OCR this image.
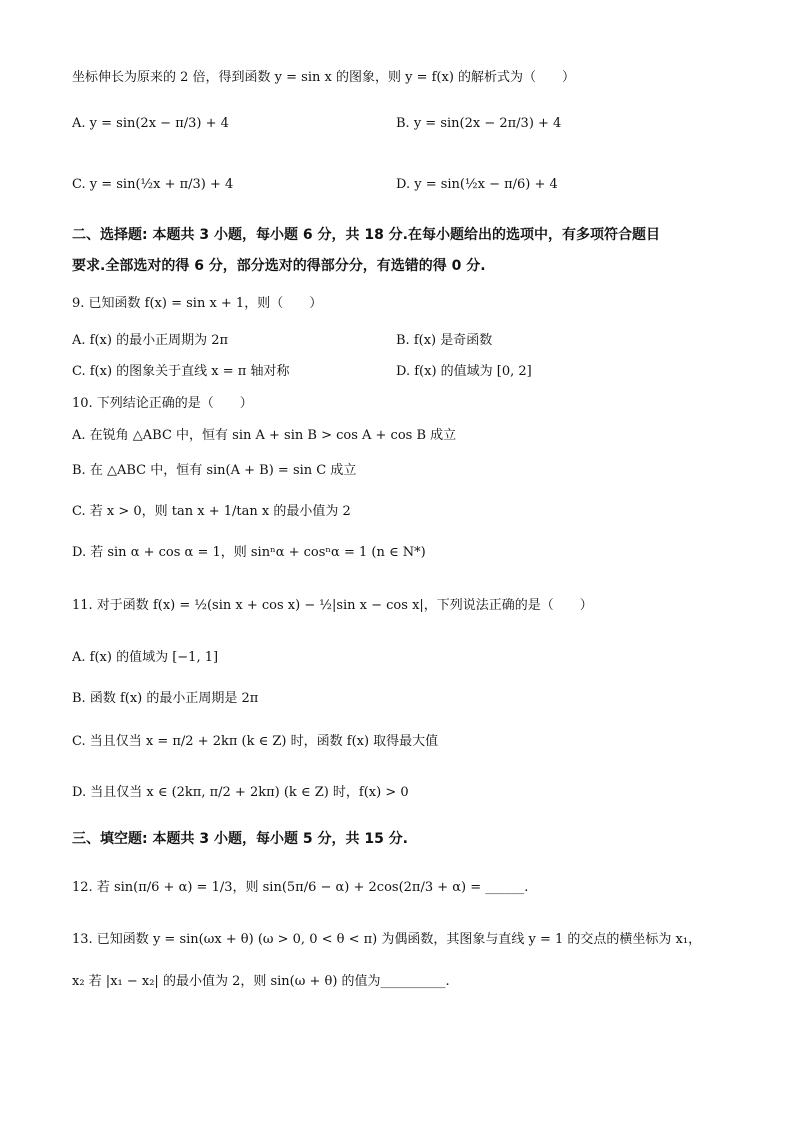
坐标伸长为原来的 2 倍，得到函数 y = sin x 的图象，则 y = f(x) 的解析式为（　　）
A. y = sin(2x − π/3) + 4	B. y = sin(2x − 2π/3) + 4
C. y = sin(½x + π/3) + 4	D. y = sin(½x − π/6) + 4
二、选择题: 本题共 3 小题，每小题 6 分，共 18 分.在每小题给出的选项中，有多项符合题目
要求.全部选对的得 6 分，部分选对的得部分分，有选错的得 0 分.
9. 已知函数 f(x) = sin x + 1，则（　　）
A. f(x) 的最小正周期为 2π	B. f(x) 是奇函数
C. f(x) 的图象关于直线 x = π 轴对称	D. f(x) 的值域为 [0, 2]
10. 下列结论正确的是（　　）
A. 在锐角 △ABC 中，恒有 sin A + sin B > cos A + cos B 成立
B. 在 △ABC 中，恒有 sin(A + B) = sin C 成立
C. 若 x > 0，则 tan x + 1/tan x 的最小值为 2
D. 若 sin α + cos α = 1，则 sinⁿα + cosⁿα = 1 (n ∈ N*)
11. 对于函数 f(x) = ½(sin x + cos x) − ½|sin x − cos x|，下列说法正确的是（　　）
A. f(x) 的值域为 [−1, 1]
B. 函数 f(x) 的最小正周期是 2π
C. 当且仅当 x = π/2 + 2kπ (k ∈ Z) 时，函数 f(x) 取得最大值
D. 当且仅当 x ∈ (2kπ, π/2 + 2kπ) (k ∈ Z) 时，f(x) > 0
三、填空题: 本题共 3 小题，每小题 5 分，共 15 分.
12. 若 sin(π/6 + α) = 1/3，则 sin(5π/6 − α) + 2cos(2π/3 + α) = ______.
13. 已知函数 y = sin(ωx + θ) (ω > 0, 0 < θ < π) 为偶函数，其图象与直线 y = 1 的交点的横坐标为 x₁，
x₂ 若 |x₁ − x₂| 的最小值为 2，则 sin(ω + θ) 的值为__________.
